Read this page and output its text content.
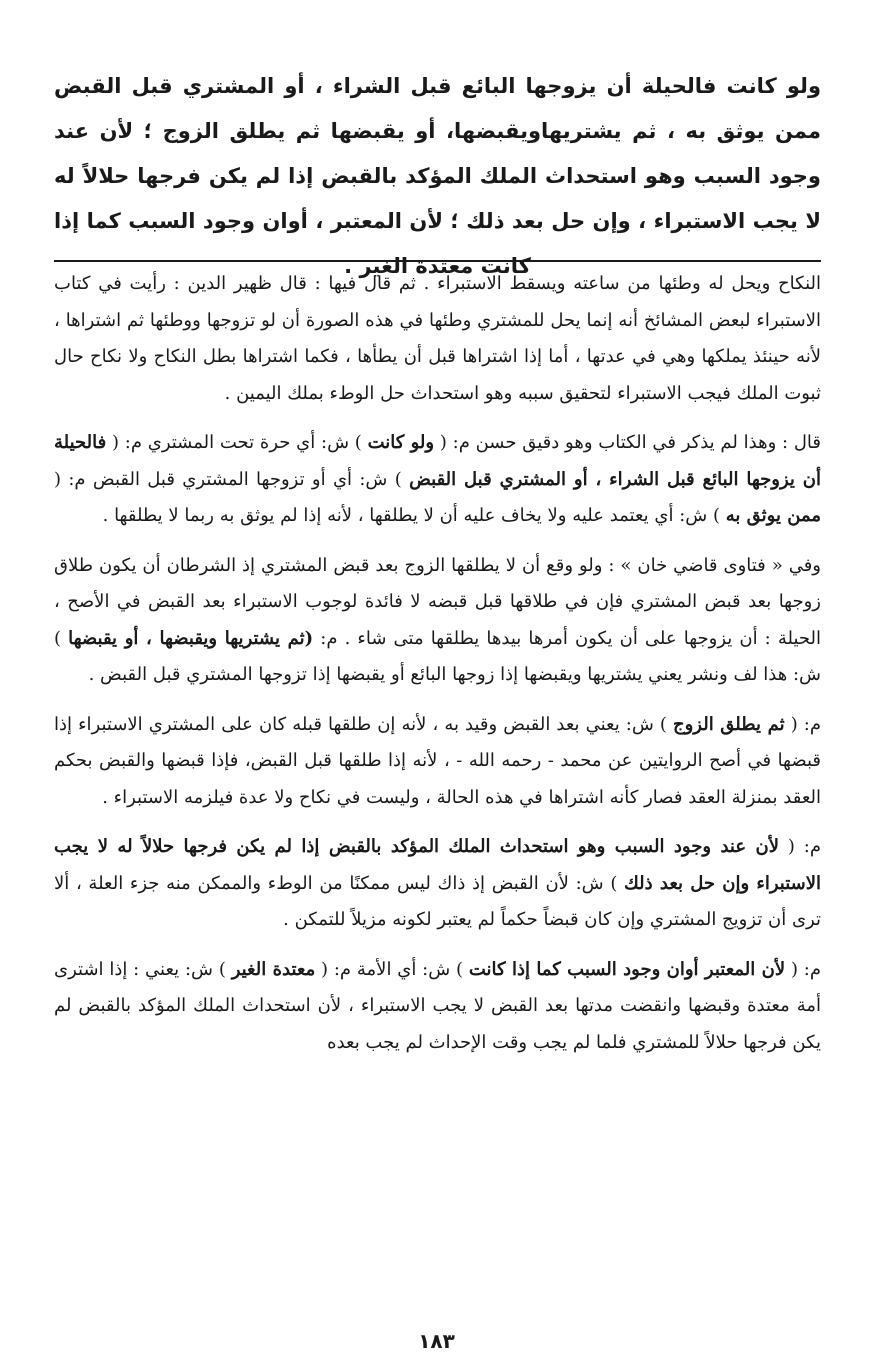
ولو كانت فالحيلة أن يزوجها البائع قبل الشراء ، أو المشتري قبل القبض ممن يوثق به ، ثم يشتريهاويقبضها، أو يقبضها ثم يطلق الزوج ؛ لأن عند وجود السبب وهو استحداث الملك المؤكد بالقبض إذا لم يكن فرجها حلالاً له لا يجب الاستبراء ، وإن حل بعد ذلك ؛ لأن المعتبر ، أوان وجود السبب كما إذا كانت معتدة الغير .

النكاح ويحل له وطئها من ساعته ويسقط الاستبراء . ثم قال فيها : قال ظهير الدين : رأيت في كتاب الاستبراء لبعض المشائخ أنه إنما يحل للمشتري وطئها في هذه الصورة أن لو تزوجها ووطئها ثم اشتراها ، لأنه حينئذ يملكها وهي في عدتها ، أما إذا اشتراها قبل أن يطأها ، فكما اشتراها بطل النكاح ولا نكاح حال ثبوت الملك فيجب الاستبراء لتحقيق سببه وهو استحداث حل الوطء بملك اليمين .

قال : وهذا لم يذكر في الكتاب وهو دقيق حسن م: ( ولو كانت ) ش: أي حرة تحت المشتري م: ( فالحيلة أن يزوجها البائع قبل الشراء ، أو المشتري قبل القبض ) ش: أي أو تزوجها المشتري قبل القبض م: ( ممن يوثق به ) ش: أي يعتمد عليه ولا يخاف عليه أن لا يطلقها ، لأنه إذا لم يوثق به ربما لا يطلقها .

وفي « فتاوى قاضي خان » : ولو وقع أن لا يطلقها الزوج بعد قبض المشتري إذ الشرطان أن يكون طلاق زوجها بعد قبض المشتري فإن في طلاقها قبل قبضه لا فائدة لوجوب الاستبراء بعد القبض في الأصح ، الحيلة : أن يزوجها على أن يكون أمرها بيدها يطلقها متى شاء . م: (ثم يشتريها ويقبضها ، أو يقبضها ) ش: هذا لف ونشر يعني يشتريها ويقبضها إذا زوجها البائع أو يقبضها إذا تزوجها المشتري قبل القبض .

م: ( ثم يطلق الزوج ) ش: يعني بعد القبض وقيد به ، لأنه إن طلقها قبله كان على المشتري الاستبراء إذا قبضها في أصح الروايتين عن محمد - رحمه الله - ، لأنه إذا طلقها قبل القبض، فإذا قبضها والقبض بحكم العقد بمنزلة العقد فصار كأنه اشتراها في هذه الحالة ، وليست في نكاح ولا عدة فيلزمه الاستبراء .

م: ( لأن عند وجود السبب وهو استحداث الملك المؤكد بالقبض إذا لم يكن فرجها حلالاً له لا يجب الاستبراء وإن حل بعد ذلك ) ش: لأن القبض إذ ذاك ليس ممكنًا من الوطء والممكن منه جزء العلة ، ألا ترى أن تزويج المشتري وإن كان قبضاً حكماً لم يعتبر لكونه مزيلاً للتمكن .

م: ( لأن المعتبر أوان وجود السبب كما إذا كانت ) ش: أي الأمة م: ( معتدة الغير ) ش: يعني : إذا اشترى أمة معتدة وقبضها وانقضت مدتها بعد القبض لا يجب الاستبراء ، لأن استحداث الملك المؤكد بالقبض لم يكن فرجها حلالاً للمشتري فلما لم يجب وقت الإحداث لم يجب بعده

١٨٣
